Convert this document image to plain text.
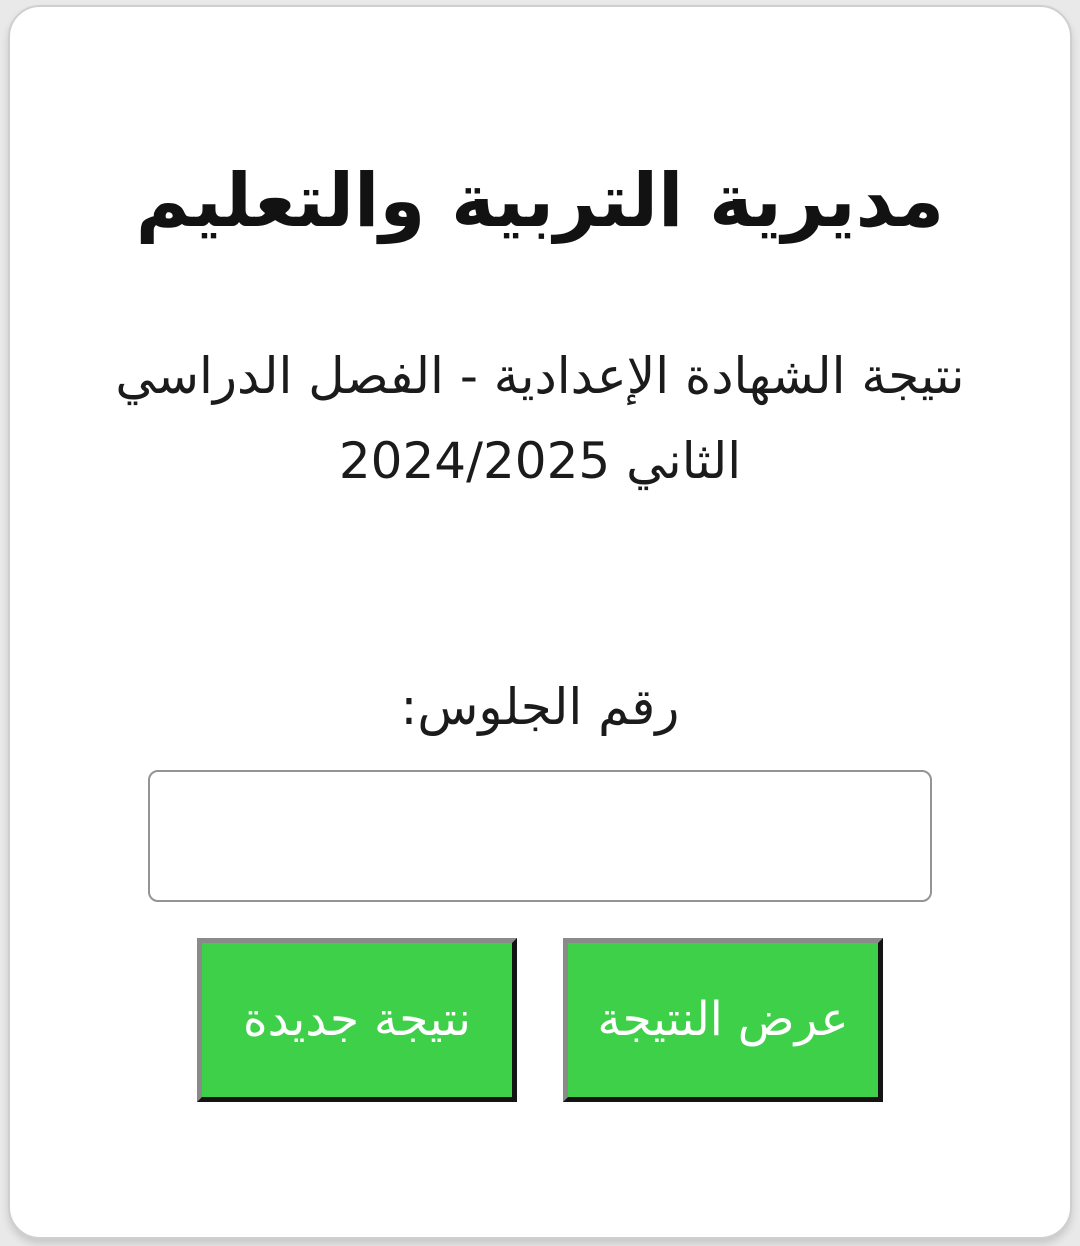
مديرية التربية والتعليم

نتيجة الشهادة الإعدادية - الفصل الدراسي الثاني 2024/2025

رقم الجلوس:
عرض النتيجة
نتيجة جديدة
